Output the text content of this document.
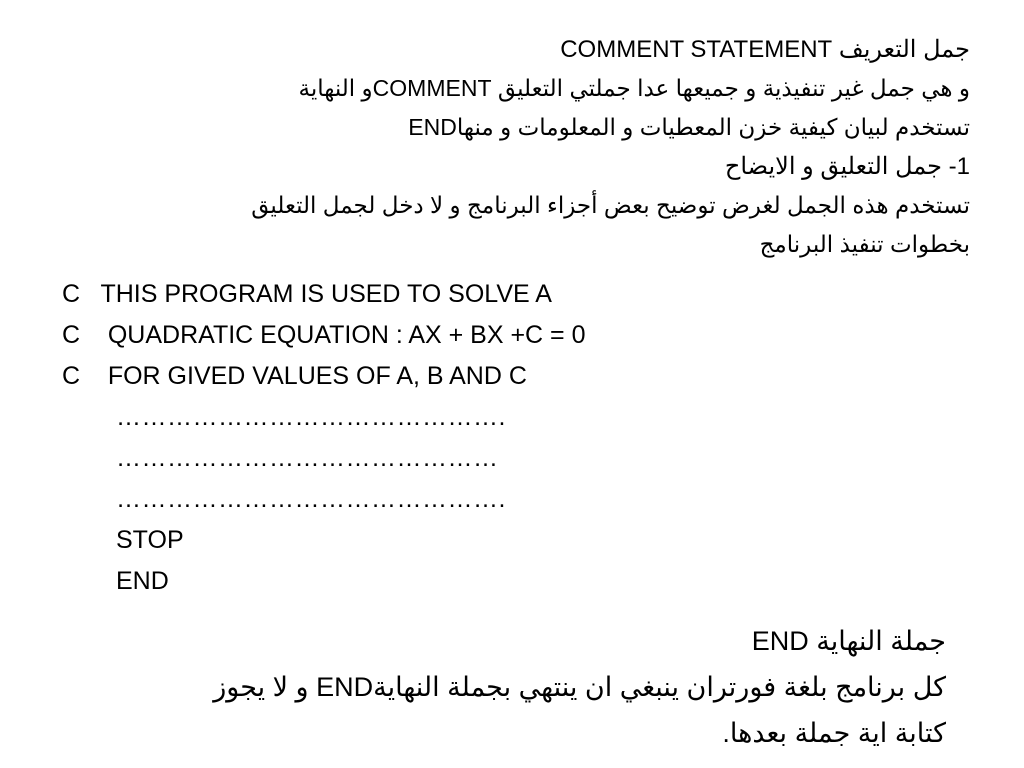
جمل التعريف COMMENT STATEMENT
و هي جمل غير تنفيذية و جميعها عدا جملتي التعليق COMMENTو النهاية
ENDتستخدم لبيان كيفية خزن المعطيات و المعلومات و منها
1- جمل التعليق و الايضاح
تستخدم هذه الجمل لغرض توضيح بعض أجزاء البرنامج و لا دخل لجمل التعليق
بخطوات تنفيذ البرنامج
C   THIS PROGRAM IS USED TO SOLVE A
C    QUADRATIC EQUATION : AX + BX +C = 0
C    FOR GIVED VALUES OF A, B AND C
……………………………………….
………………………………………
……………………………………….
STOP
END
جملة النهاية END
كل برنامج بلغة فورتران ينبغي ان ينتهي بجملة النهايةEND و لا يجوز
كتابة اية جملة بعدها.
